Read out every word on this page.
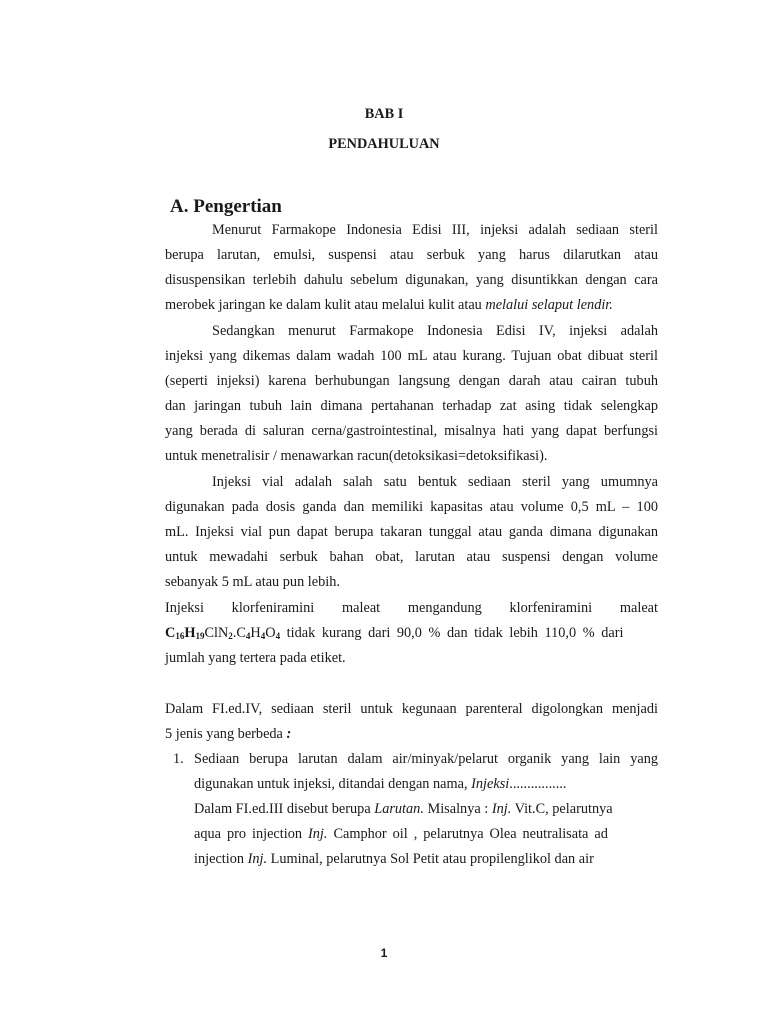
BAB I
PENDAHULUAN
A. Pengertian
Menurut Farmakope Indonesia Edisi III, injeksi adalah sediaan steril
berupa larutan, emulsi, suspensi atau serbuk yang harus dilarutkan atau
disuspensikan terlebih dahulu sebelum digunakan, yang disuntikkan dengan cara
merobek jaringan ke dalam kulit atau melalui kulit atau melalui selaput lendir.
Sedangkan menurut Farmakope Indonesia Edisi IV, injeksi adalah
injeksi yang dikemas dalam wadah 100 mL atau kurang. Tujuan obat dibuat steril
(seperti injeksi) karena berhubungan langsung dengan darah atau cairan tubuh
dan jaringan tubuh lain dimana pertahanan terhadap zat asing tidak selengkap
yang berada di saluran cerna/gastrointestinal, misalnya hati yang dapat berfungsi
untuk menetralisir / menawarkan racun(detoksikasi=detoksifikasi).
Injeksi vial adalah salah satu bentuk sediaan steril yang umumnya
digunakan pada dosis ganda dan memiliki kapasitas atau volume 0,5 mL – 100
mL. Injeksi vial pun dapat berupa takaran tunggal atau ganda dimana digunakan
untuk mewadahi serbuk bahan obat, larutan atau suspensi dengan volume
sebanyak 5 mL atau pun lebih.
Injeksi klorfeniramini maleat mengandung klorfeniramini maleat
$C_{16}H_{19}ClN_2.C_4H_4O_4$ tidak kurang dari 90,0 % dan tidak lebih 110,0 % dari
jumlah yang tertera pada etiket.
Dalam FI.ed.IV, sediaan steril untuk kegunaan parenteral digolongkan menjadi
5 jenis yang berbeda :
1. Sediaan berupa larutan dalam air/minyak/pelarut organik yang lain yang
digunakan untuk injeksi, ditandai dengan nama, Injeksi................
Dalam FI.ed.III disebut berupa Larutan. Misalnya : Inj. Vit.C, pelarutnya
aqua pro injection Inj. Camphor oil , pelarutnya Olea neutralisata ad
injection Inj. Luminal, pelarutnya Sol Petit atau propilenglikol dan air
1
